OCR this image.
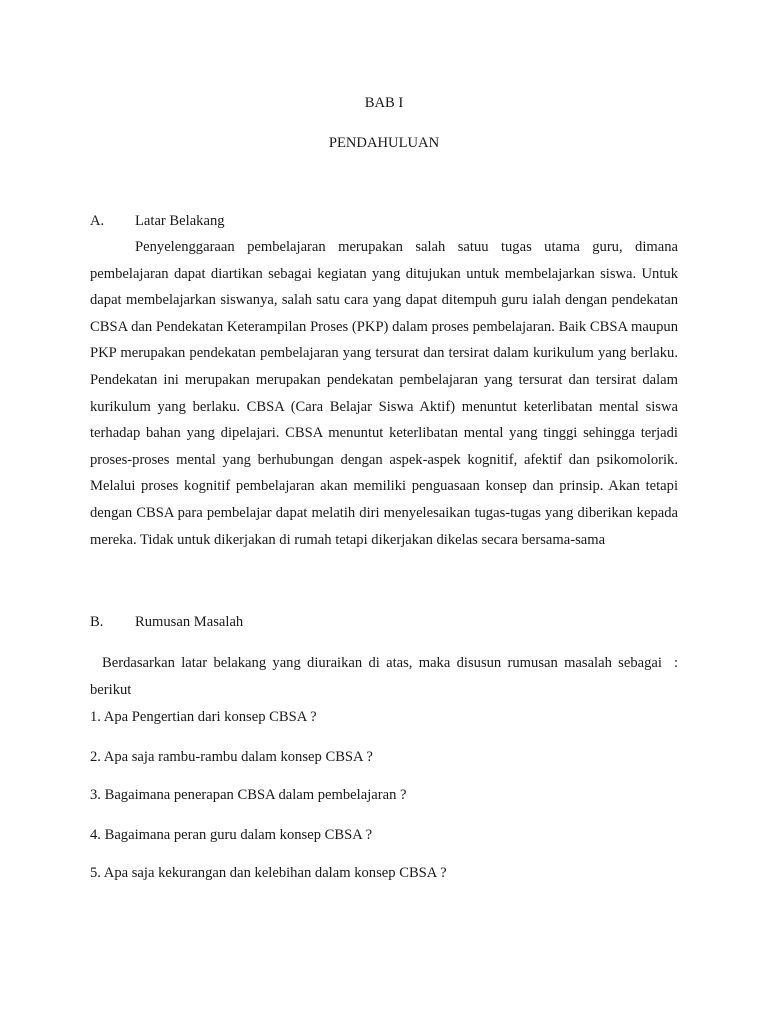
BAB I
PENDAHULUAN
A. Latar Belakang

Penyelenggaraan pembelajaran merupakan salah satuu tugas utama guru, dimana pembelajaran dapat diartikan sebagai kegiatan yang ditujukan untuk membelajarkan siswa. Untuk dapat membelajarkan siswanya, salah satu cara yang dapat ditempuh guru ialah dengan pendekatan CBSA dan Pendekatan Keterampilan Proses (PKP) dalam proses pembelajaran. Baik CBSA maupun PKP merupakan pendekatan pembelajaran yang tersurat dan tersirat dalam kurikulum yang berlaku. Pendekatan ini merupakan merupakan pendekatan pembelajaran yang tersurat dan tersirat dalam kurikulum yang berlaku. CBSA (Cara Belajar Siswa Aktif) menuntut keterlibatan mental siswa terhadap bahan yang dipelajari. CBSA menuntut keterlibatan mental yang tinggi sehingga terjadi proses-proses mental yang berhubungan dengan aspek-aspek kognitif, afektif dan psikomolorik. Melalui proses kognitif pembelajaran akan memiliki penguasaan konsep dan prinsip. Akan tetapi dengan CBSA para pembelajar dapat melatih diri menyelesaikan tugas-tugas yang diberikan kepada mereka. Tidak untuk dikerjakan di rumah tetapi dikerjakan dikelas secara bersama-sama

B. Rumusan Masalah

:
Berdasarkan latar belakang yang diuraikan di atas, maka disusun rumusan masalah sebagai berikut

1. Apa Pengertian dari konsep CBSA ?
2. Apa saja rambu-rambu dalam konsep CBSA ?
3. Bagaimana penerapan CBSA dalam pembelajaran ?
4. Bagaimana peran guru dalam konsep CBSA ?
5. Apa saja kekurangan dan kelebihan dalam konsep CBSA ?
